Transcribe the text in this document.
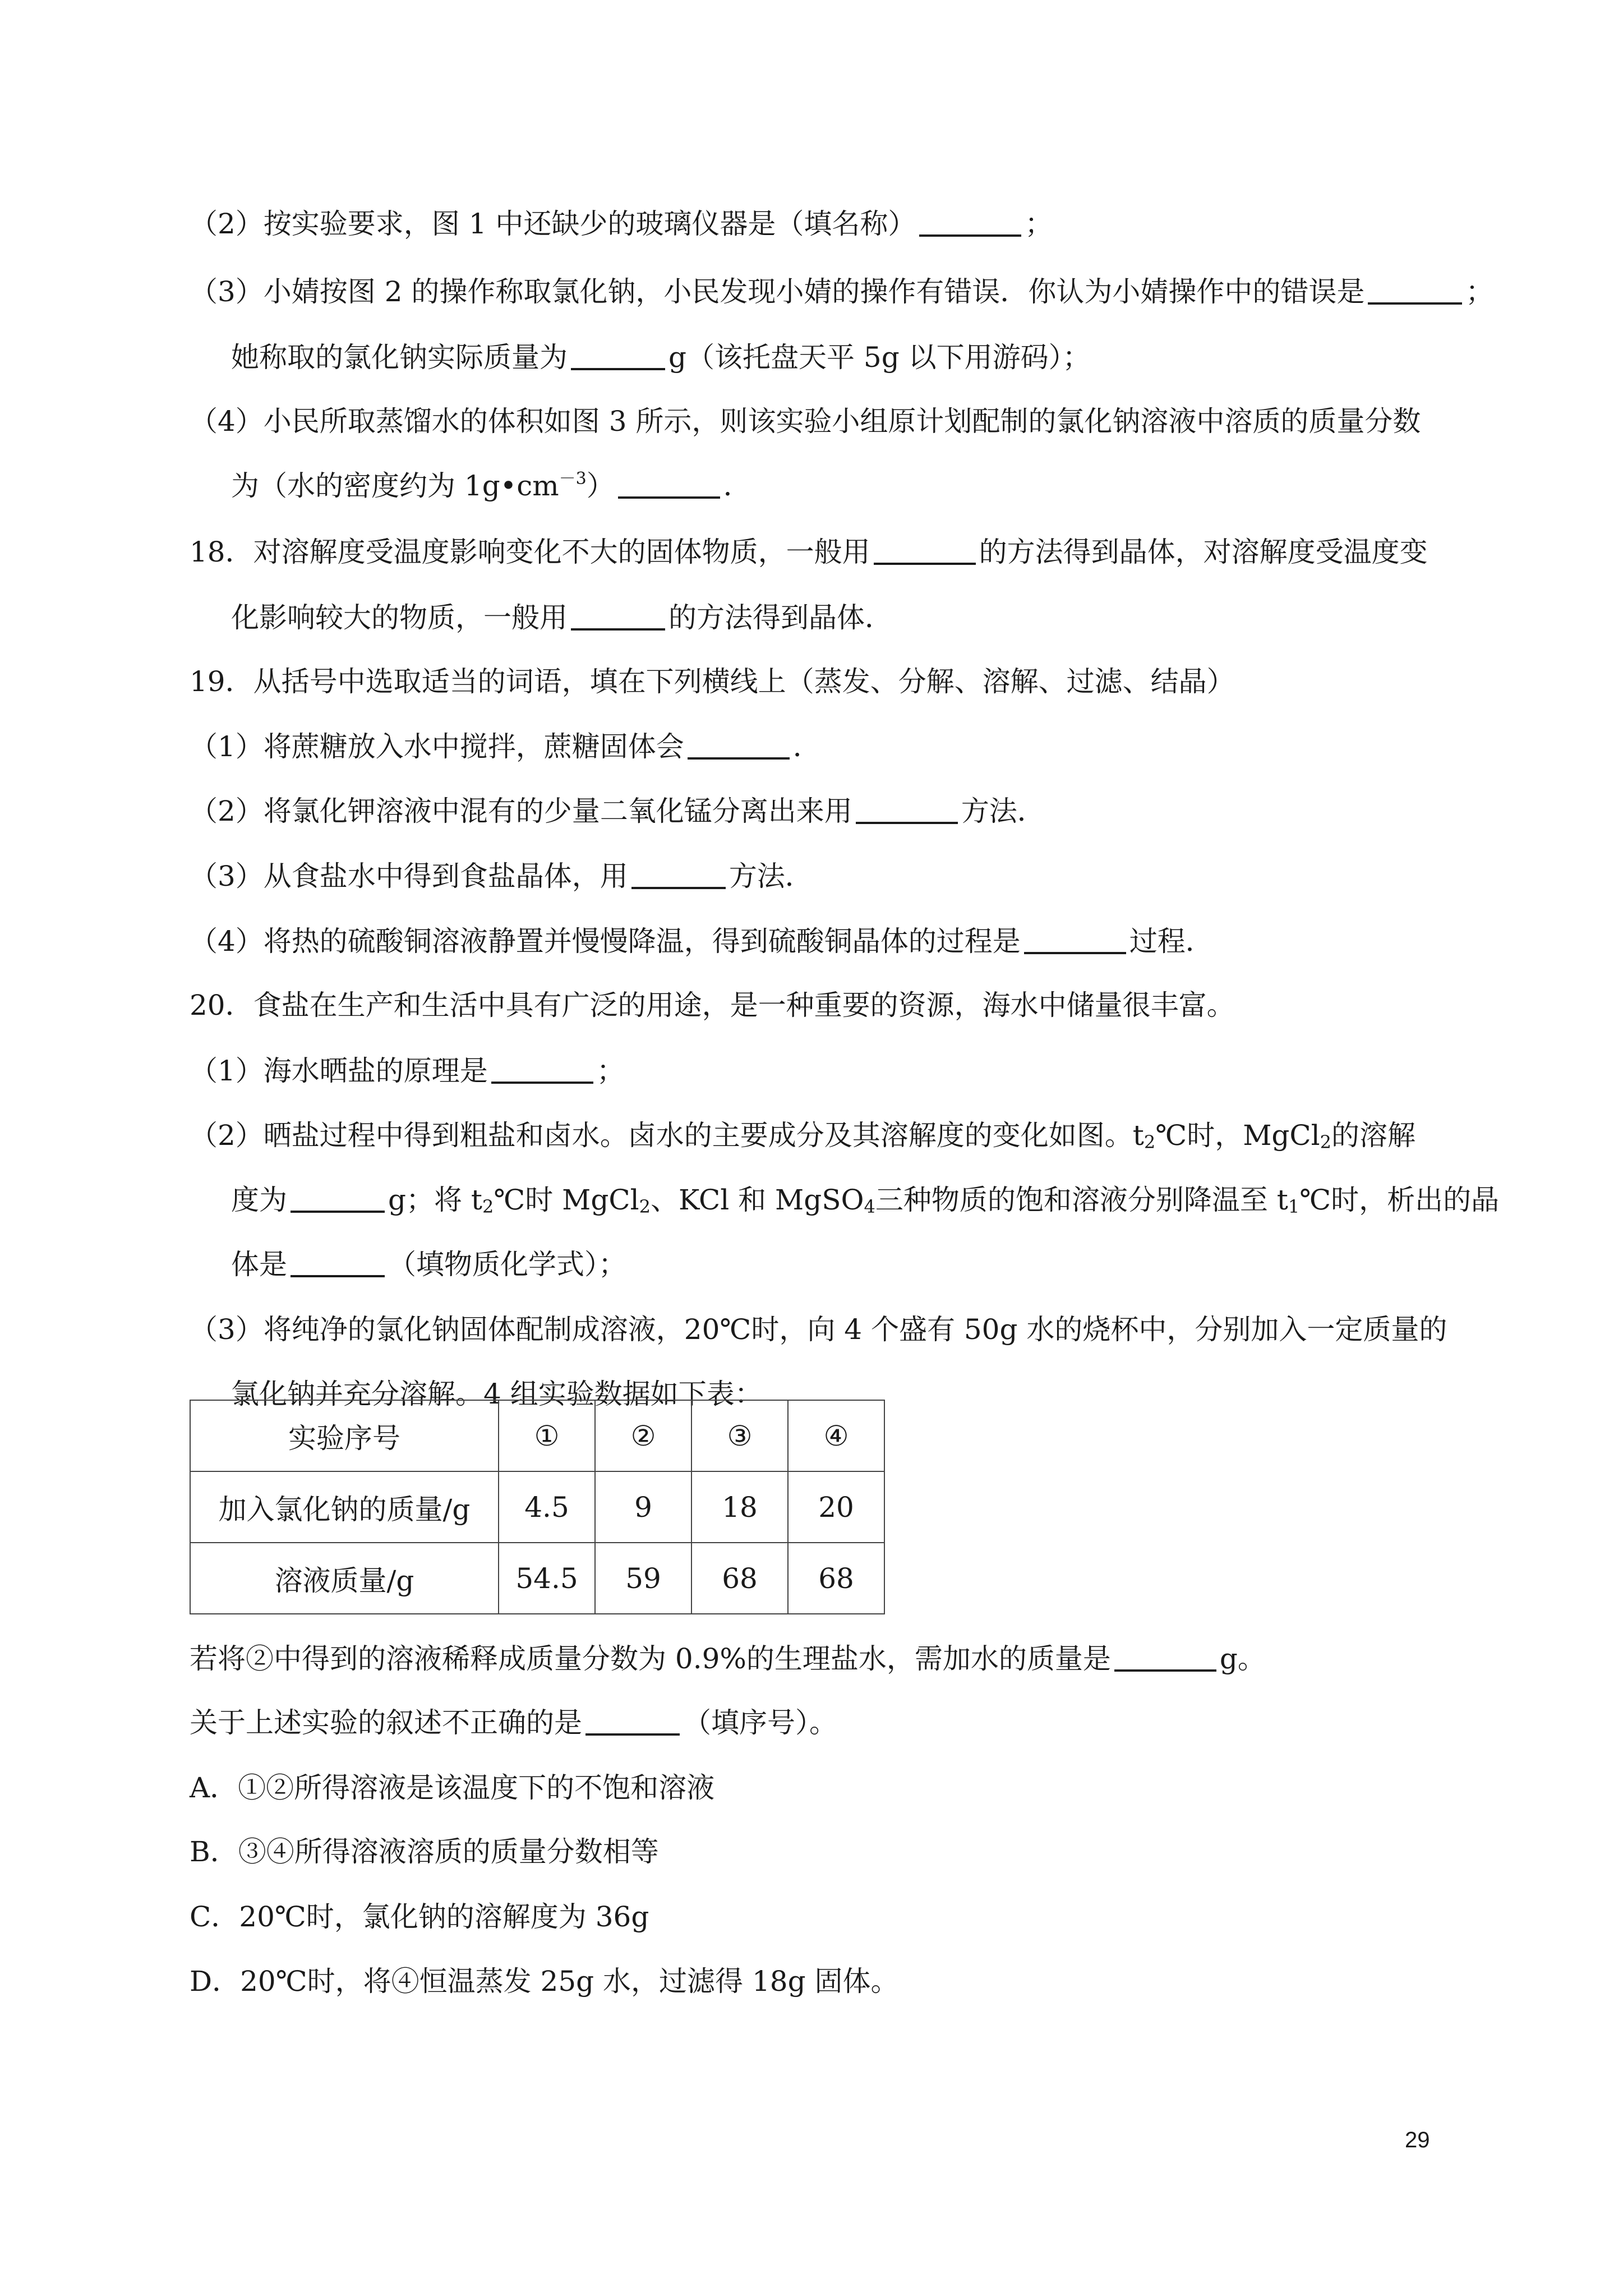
（2）按实验要求，图 1 中还缺少的玻璃仪器是（填名称）	；
（3）小婧按图 2 的操作称取氯化钠，小民发现小婧的操作有错误．你认为小婧操作中的错误是	；
她称取的氯化钠实际质量为	g（该托盘天平 5g 以下用游码）；
（4）小民所取蒸馏水的体积如图 3 所示，则该实验小组原计划配制的氯化钠溶液中溶质的质量分数
为（水的密度约为 $1g•cm^{-3}$）	．
18．对溶解度受温度影响变化不大的固体物质，一般用	的方法得到晶体，对溶解度受温度变
化影响较大的物质，一般用	的方法得到晶体．
19．从括号中选取适当的词语，填在下列横线上（蒸发、分解、溶解、过滤、结晶）
（1）将蔗糖放入水中搅拌，蔗糖固体会	．
（2）将氯化钾溶液中混有的少量二氧化锰分离出来用	方法．
（3）从食盐水中得到食盐晶体，用	方法．
（4）将热的硫酸铜溶液静置并慢慢降温，得到硫酸铜晶体的过程是	过程．
20．食盐在生产和生活中具有广泛的用途，是一种重要的资源，海水中储量很丰富。
（1）海水晒盐的原理是	；
（2）晒盐过程中得到粗盐和卤水。卤水的主要成分及其溶解度的变化如图。$t_2℃$时，MgCl$_2$的溶解
度为	g；将 $t_2℃$时 MgCl$_2$、KCl 和 MgSO$_4$三种物质的饱和溶液分别降温至 $t_1℃$时，析出的晶
体是	（填物质化学式）；
（3）将纯净的氯化钠固体配制成溶液，20℃时，向 4 个盛有 50g 水的烧杯中，分别加入一定质量的
氯化钠并充分溶解。4 组实验数据如下表：
实验序号	①	②	③	④
加入氯化钠的质量/g	4.5	9	18	20
溶液质量/g	54.5	59	68	68
若将②中得到的溶液稀释成质量分数为 0.9%的生理盐水，需加水的质量是	g。
关于上述实验的叙述不正确的是	（填序号）。
A．①②所得溶液是该温度下的不饱和溶液
B．③④所得溶液溶质的质量分数相等
C．20℃时，氯化钠的溶解度为 36g
D．20℃时，将④恒温蒸发 25g 水，过滤得 18g 固体。
29
